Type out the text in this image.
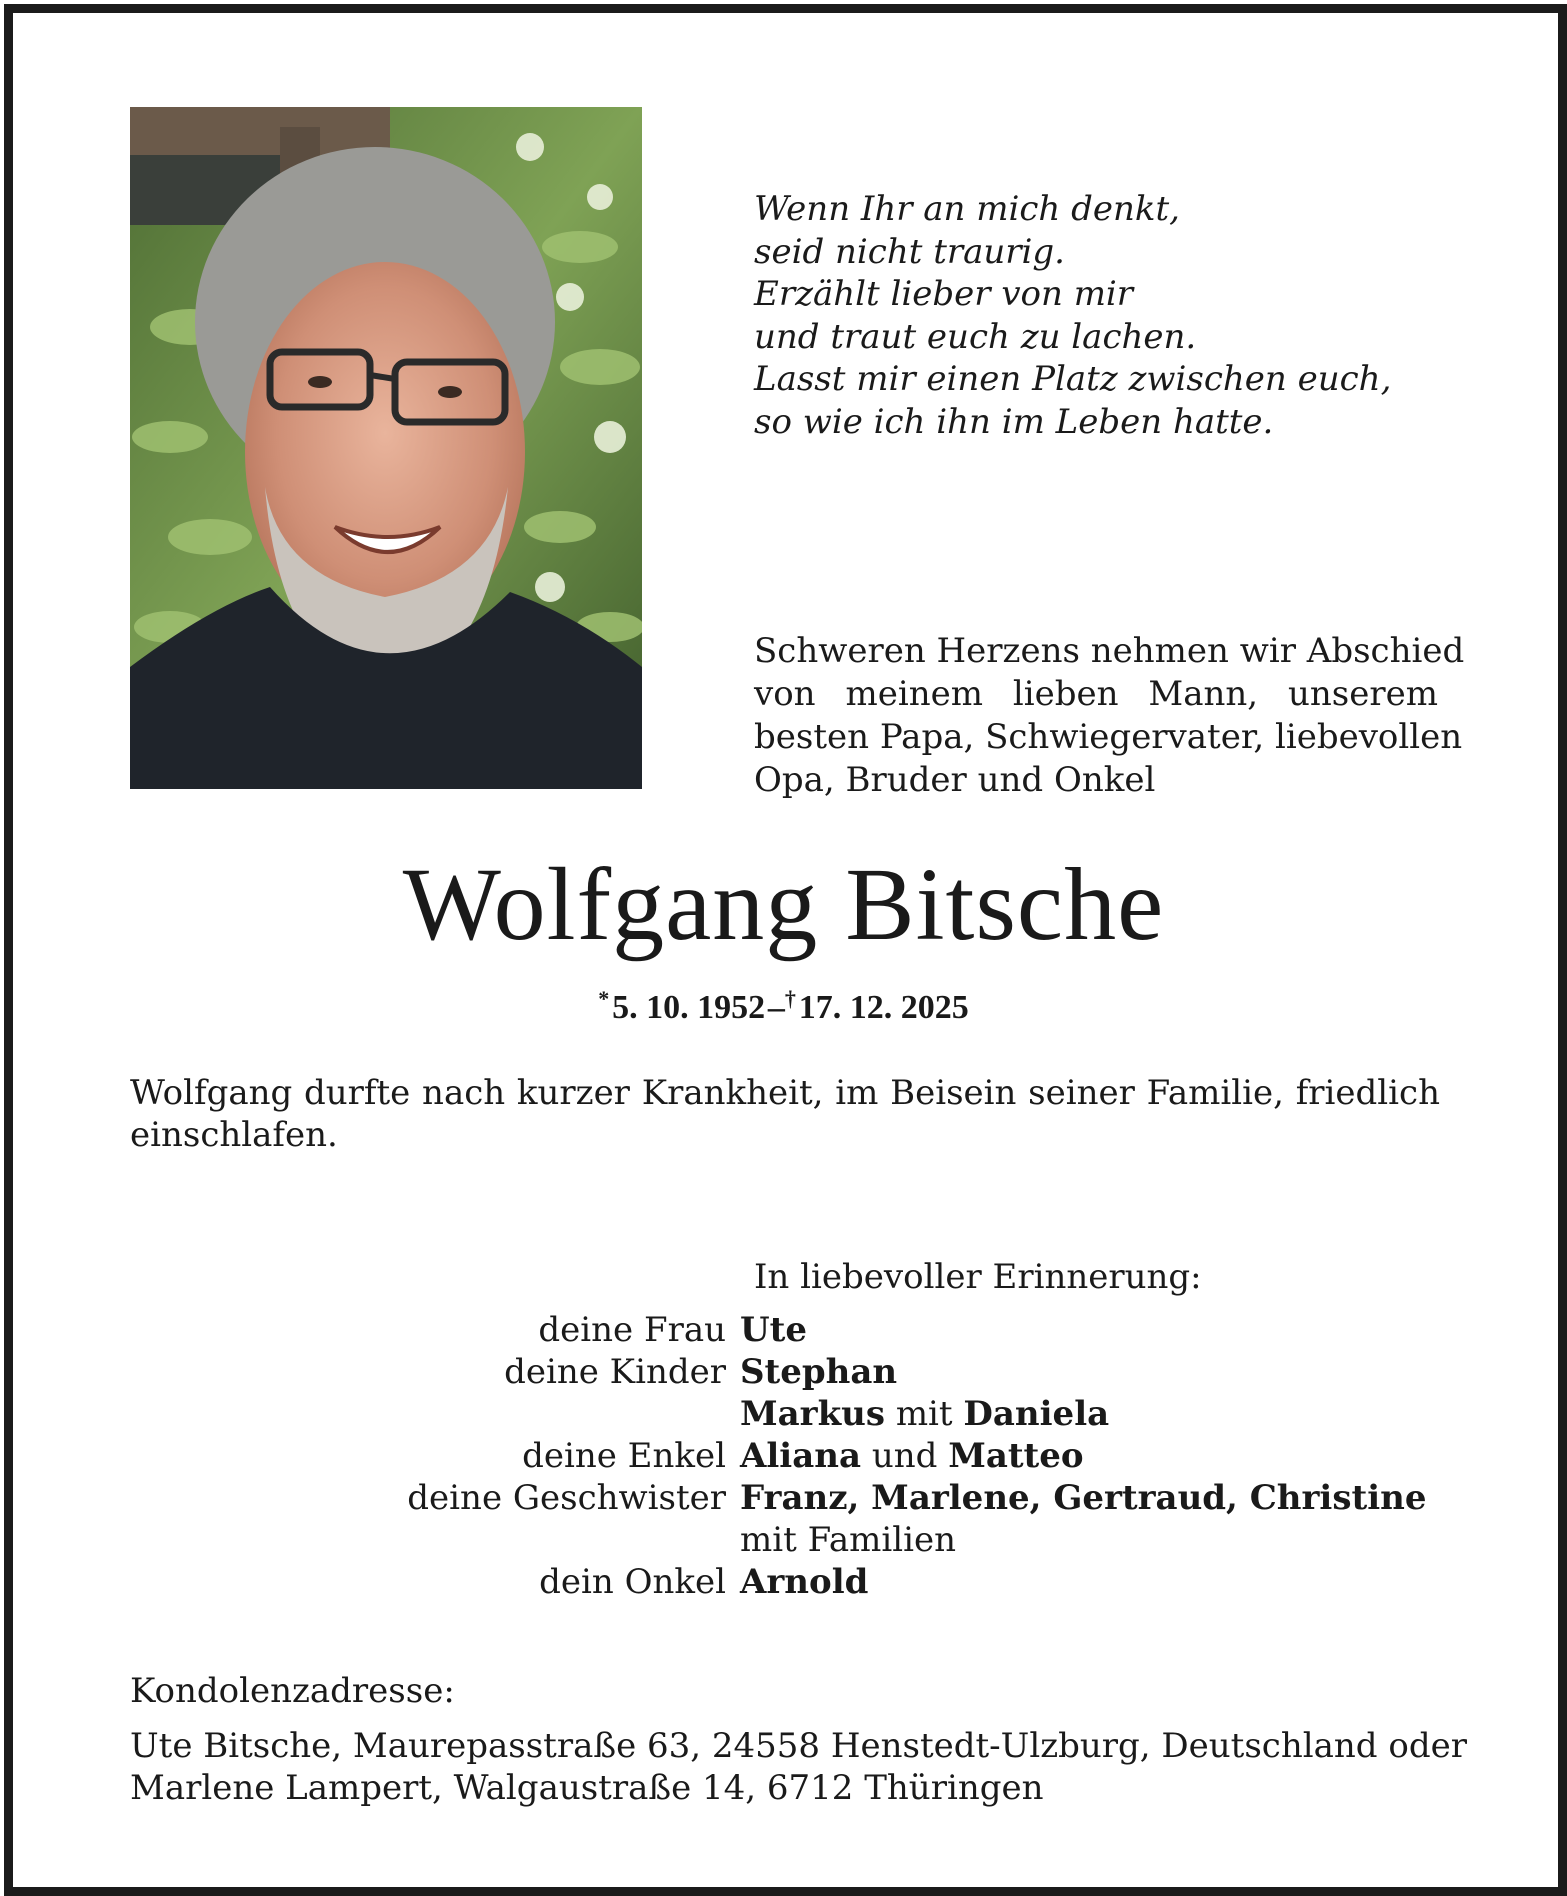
Wenn Ihr an mich denkt,
seid nicht traurig.
Erzählt lieber von mir
und traut euch zu lachen.
Lasst mir einen Platz zwischen euch,
so wie ich ihn im Leben hatte.
Schweren Herzens nehmen wir Abschied
von meinem lieben Mann, unserem
besten Papa, Schwiegervater, liebevollen
Opa, Bruder und Onkel
Wolfgang Bitsche
* 5. 10. 1952 –† 17. 12. 2025
Wolfgang durfte nach kurzer Krankheit, im Beisein seiner Familie, friedlich
einschlafen.
In liebevoller Erinnerung:
deine Frau Ute
deine Kinder Stephan
Markus mit Daniela
deine Enkel Aliana und Matteo
deine Geschwister Franz, Marlene, Gertraud, Christine
mit Familien
dein Onkel Arnold
Kondolenzadresse:
Ute Bitsche, Maurepasstraße 63, 24558 Henstedt-Ulzburg, Deutschland oder
Marlene Lampert, Walgaustraße 14, 6712 Thüringen
